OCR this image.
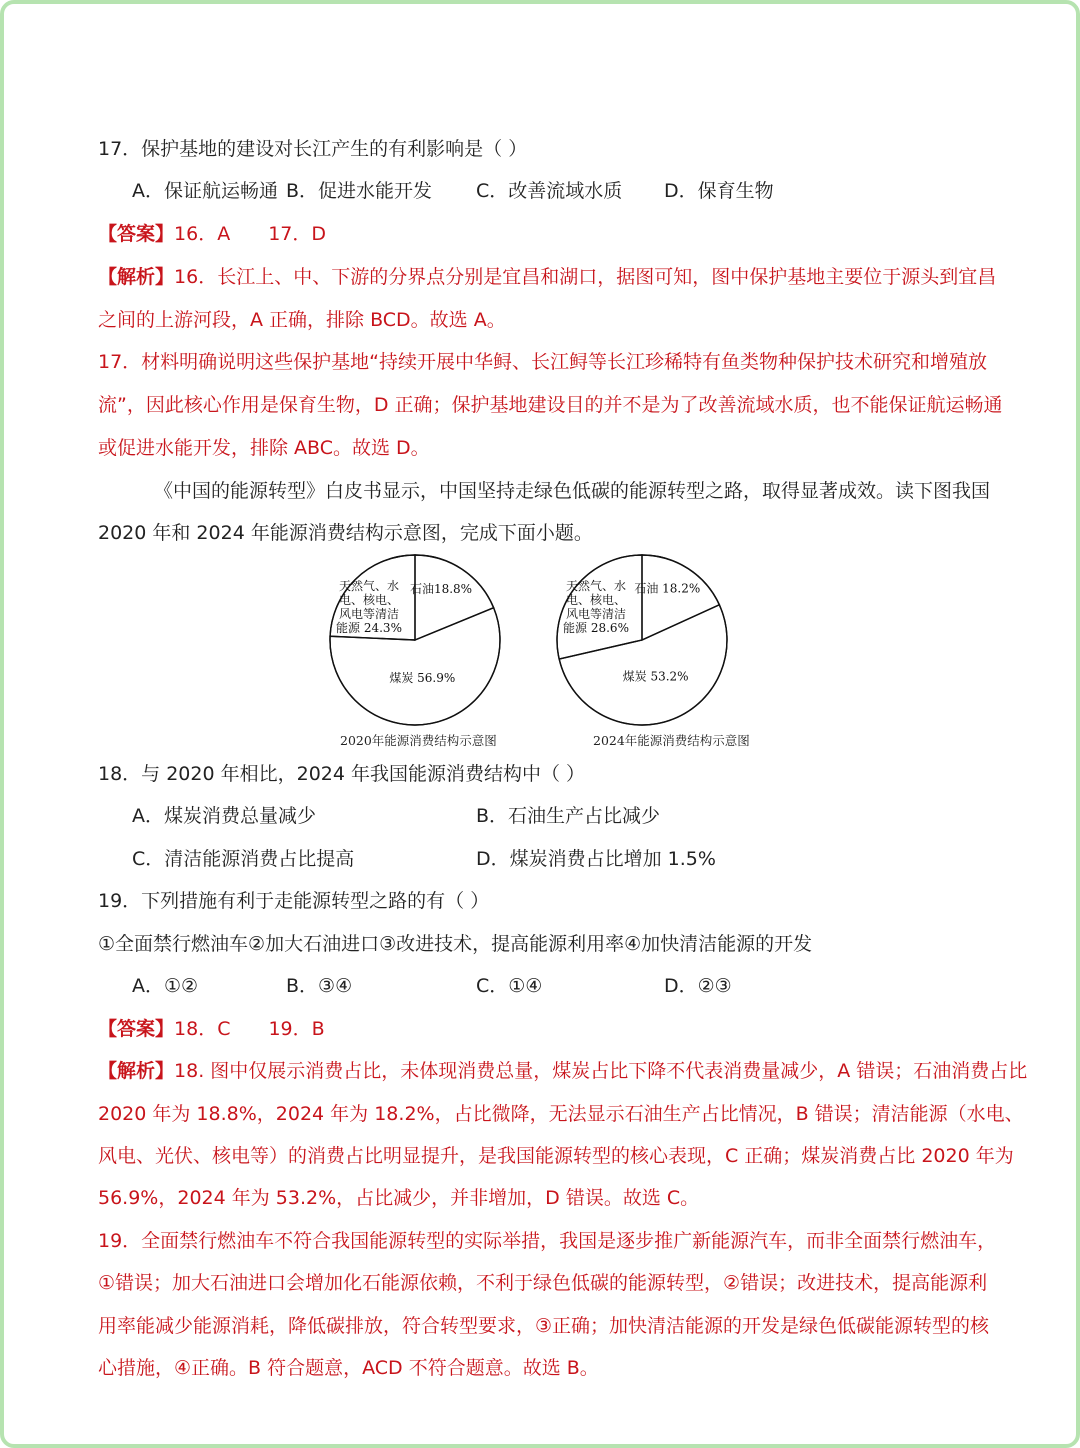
17．保护基地的建设对长江产生的有利影响是（ ）
A．保证航运畅通 B．促进水能开发 C．改善流域水质 D．保育生物
【答案】16．A　　17．D
【解析】16．长江上、中、下游的分界点分别是宜昌和湖口，据图可知，图中保护基地主要位于源头到宜昌
之间的上游河段，A 正确，排除 BCD。故选 A。
17．材料明确说明这些保护基地“持续开展中华鲟、长江鲟等长江珍稀特有鱼类物种保护技术研究和增殖放
流”，因此核心作用是保育生物，D 正确；保护基地建设目的并不是为了改善流域水质，也不能保证航运畅通
或促进水能开发，排除 ABC。故选 D。
《中国的能源转型》白皮书显示，中国坚持走绿色低碳的能源转型之路，取得显著成效。读下图我国
2020 年和 2024 年能源消费结构示意图，完成下面小题。
石油18.8%
煤炭 56.9%
天然气、水
电、核电、
风电等清洁
能源 24.3%
石油 18.2%
煤炭 53.2%
天然气、水
电、核电、
风电等清洁
能源 28.6%
2020年能源消费结构示意图	2024年能源消费结构示意图
18．与 2020 年相比，2024 年我国能源消费结构中（ ）
A．煤炭消费总量减少	B．石油生产占比减少
C．清洁能源消费占比提高	D．煤炭消费占比增加 1.5%
19．下列措施有利于走能源转型之路的有（ ）
①全面禁行燃油车②加大石油进口③改进技术，提高能源利用率④加快清洁能源的开发
A．①②	B．③④	C．①④	D．②③
【答案】18．C　　19．B
【解析】18. 图中仅展示消费占比，未体现消费总量，煤炭占比下降不代表消费量减少，A 错误；石油消费占比
2020 年为 18.8%，2024 年为 18.2%，占比微降，无法显示石油生产占比情况，B 错误；清洁能源（水电、
风电、光伏、核电等）的消费占比明显提升，是我国能源转型的核心表现，C 正确；煤炭消费占比 2020 年为
56.9%，2024 年为 53.2%，占比减少，并非增加，D 错误。故选 C。
19．全面禁行燃油车不符合我国能源转型的实际举措，我国是逐步推广新能源汽车，而非全面禁行燃油车，
①错误；加大石油进口会增加化石能源依赖，不利于绿色低碳的能源转型，②错误；改进技术，提高能源利
用率能减少能源消耗，降低碳排放，符合转型要求，③正确；加快清洁能源的开发是绿色低碳能源转型的核
心措施，④正确。B 符合题意，ACD 不符合题意。故选 B。
